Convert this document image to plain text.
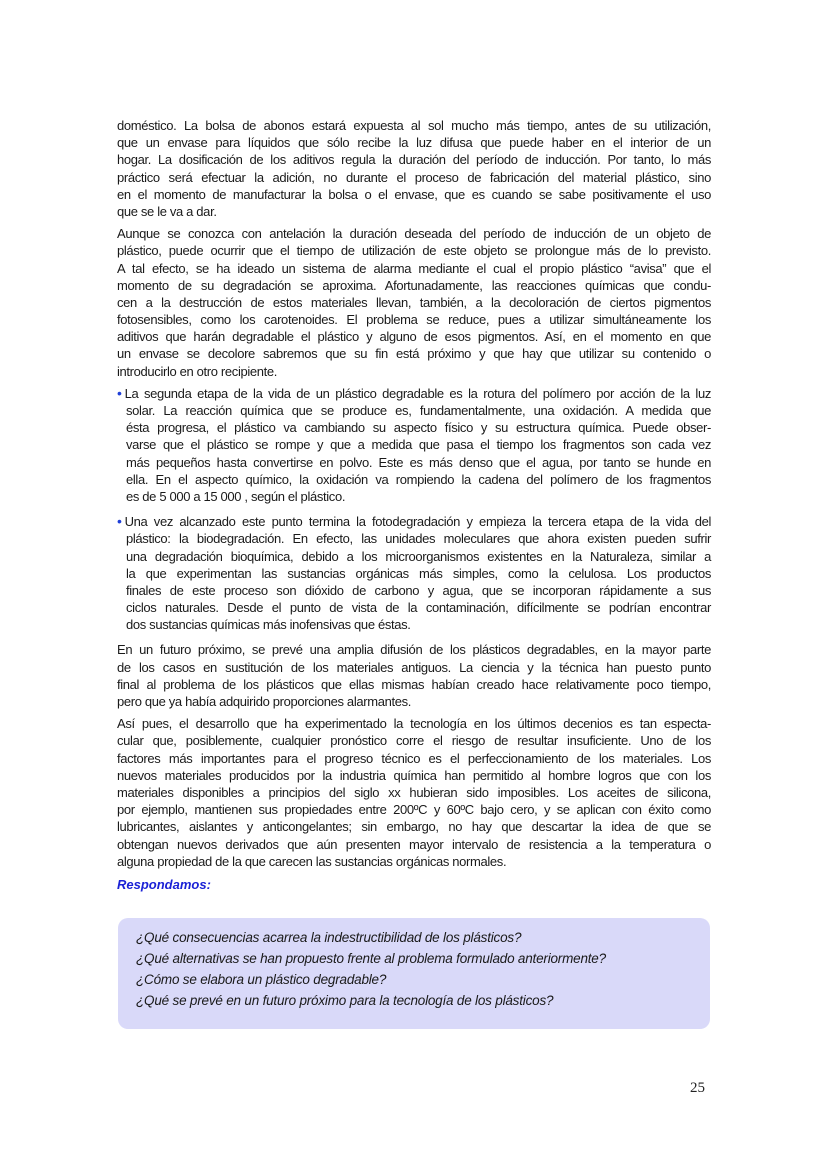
doméstico. La bolsa de abonos estará expuesta al sol mucho más tiempo, antes de su utilización,
que un envase para líquidos que sólo recibe la luz difusa que puede haber en el interior de un
hogar. La dosificación de los aditivos regula la duración del período de inducción. Por tanto, lo más
práctico será efectuar la adición, no durante el proceso de fabricación del material plástico, sino
en el momento de manufacturar la bolsa o el envase, que es cuando se sabe positivamente el uso
que se le va a dar.
Aunque se conozca con antelación la duración deseada del período de inducción de un objeto de
plástico, puede ocurrir que el tiempo de utilización de este objeto se prolongue más de lo previsto.
A tal efecto, se ha ideado un sistema de alarma mediante el cual el propio plástico “avisa” que el
momento de su degradación se aproxima. Afortunadamente, las reacciones químicas que condu-
cen a la destrucción de estos materiales llevan, también, a la decoloración de ciertos pigmentos
fotosensibles, como los carotenoides. El problema se reduce, pues a utilizar simultáneamente los
aditivos que harán degradable el plástico y alguno de esos pigmentos. Así, en el momento en que
un envase se decolore sabremos que su fin está próximo y que hay que utilizar su contenido o
introducirlo en otro recipiente.
• La segunda etapa de la vida de un plástico degradable es la rotura del polímero por acción de la luz
solar. La reacción química que se produce es, fundamentalmente, una oxidación. A medida que
ésta progresa, el plástico va cambiando su aspecto físico y su estructura química. Puede obser-
varse que el plástico se rompe y que a medida que pasa el tiempo los fragmentos son cada vez
más pequeños hasta convertirse en polvo. Este es más denso que el agua, por tanto se hunde en
ella. En el aspecto químico, la oxidación va rompiendo la cadena del polímero de los fragmentos
es de 5 000 a 15 000 , según el plástico.
• Una vez alcanzado este punto termina la fotodegradación y empieza la tercera etapa de la vida del
plástico: la biodegradación. En efecto, las unidades moleculares que ahora existen pueden sufrir
una degradación bioquímica, debido a los microorganismos existentes en la Naturaleza, similar a
la que experimentan las sustancias orgánicas más simples, como la celulosa. Los productos
finales de este proceso son dióxido de carbono y agua, que se incorporan rápidamente a sus
ciclos naturales. Desde el punto de vista de la contaminación, difícilmente se podrían encontrar
dos sustancias químicas más inofensivas que éstas.
En un futuro próximo, se prevé una amplia difusión de los plásticos degradables, en la mayor parte
de los casos en sustitución de los materiales antiguos. La ciencia y la técnica han puesto punto
final al problema de los plásticos que ellas mismas habían creado hace relativamente poco tiempo,
pero que ya había adquirido proporciones alarmantes.
Así pues, el desarrollo que ha experimentado la tecnología en los últimos decenios es tan especta-
cular que, posiblemente, cualquier pronóstico corre el riesgo de resultar insuficiente. Uno de los
factores más importantes para el progreso técnico es el perfeccionamiento de los materiales. Los
nuevos materiales producidos por la industria química han permitido al hombre logros que con los
materiales disponibles a principios del siglo xx hubieran sido imposibles. Los aceites de silicona,
por ejemplo, mantienen sus propiedades entre 200ºC y 60ºC bajo cero, y se aplican con éxito como
lubricantes, aislantes y anticongelantes; sin embargo, no hay que descartar la idea de que se
obtengan nuevos derivados que aún presenten mayor intervalo de resistencia a la temperatura o
alguna propiedad de la que carecen las sustancias orgánicas normales.
Respondamos:
¿Qué consecuencias acarrea la indestructibilidad de los plásticos?
¿Qué alternativas se han propuesto frente al problema formulado anteriormente?
¿Cómo se elabora un plástico degradable?
¿Qué se prevé en un futuro próximo para la tecnología de los plásticos?
25
